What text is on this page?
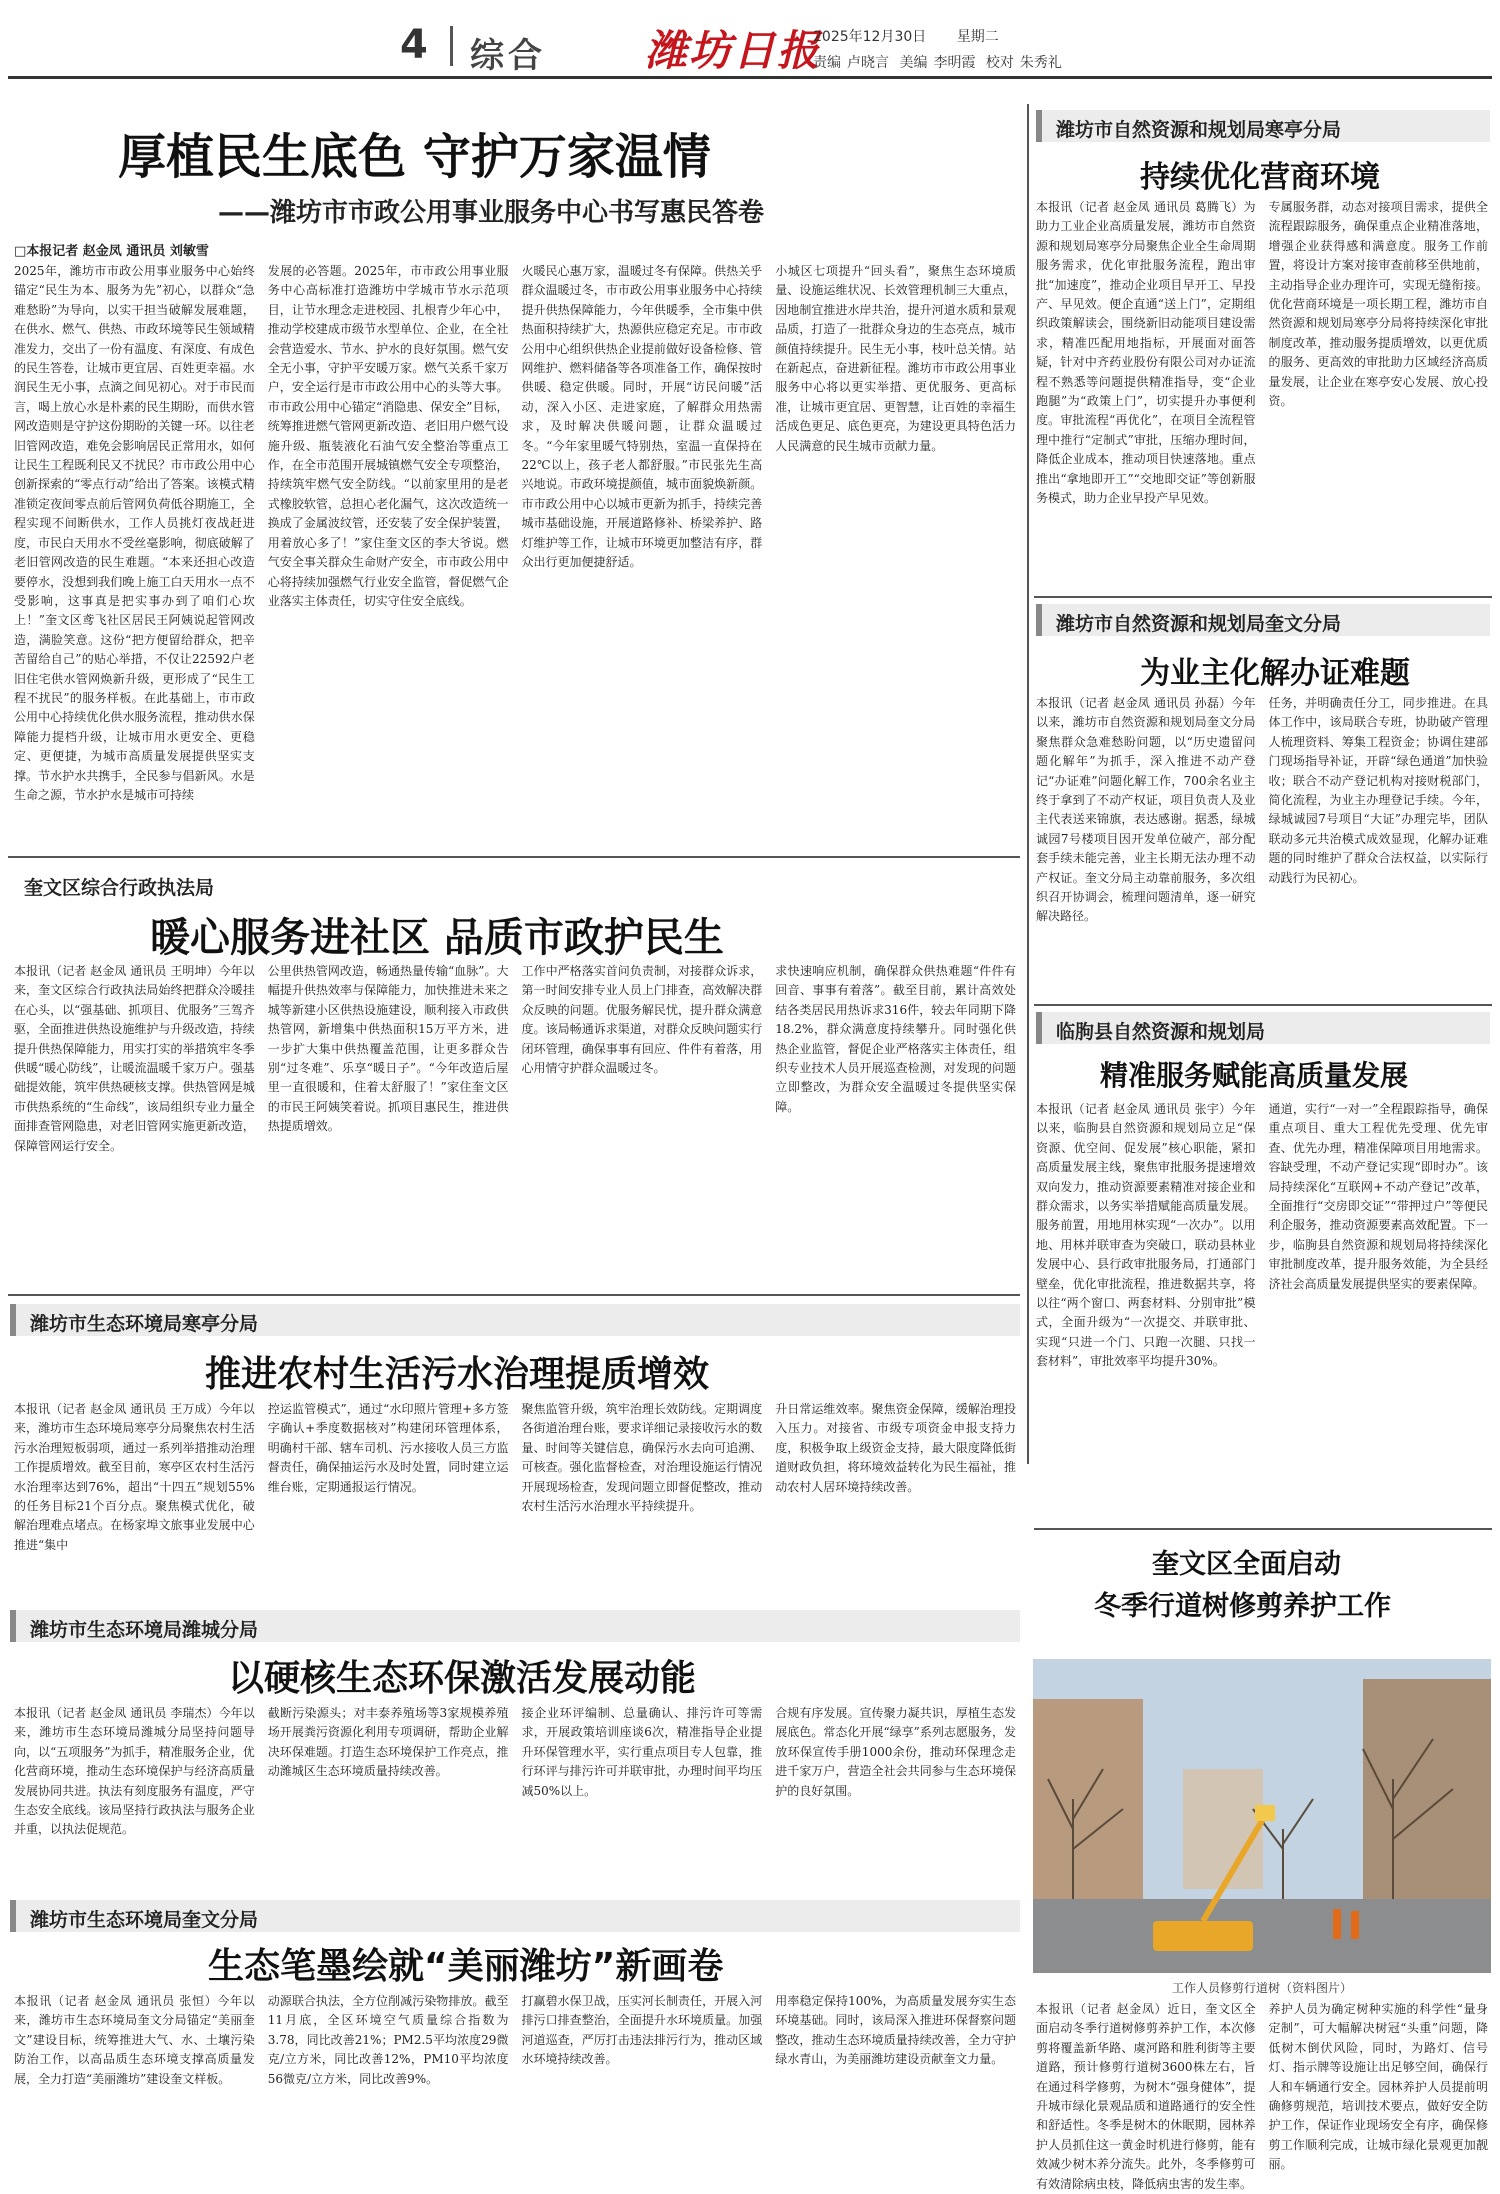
4 综合 潍坊日报
2025年12月30日 星期二
责编 卢晓言 美编 李明霞 校对 朱秀礼
厚植民生底色 守护万家温情
——潍坊市市政公用事业服务中心书写惠民答卷
□本报记者 赵金凤 通讯员 刘敏雪
2025年，潍坊市市政公用事业服务中心始终锚定“民生为本、服务为先”初心，以群众“急难愁盼”为导向，以实干担当破解发展难题，在供水、燃气、供热、市政环境等民生领域精准发力，交出了一份有温度、有深度、有成色的民生答卷，让城市更宜居、百姓更幸福。水润民生无小事，点滴之间见初心。对于市民而言，喝上放心水是朴素的民生期盼，而供水管网改造则是守护这份期盼的关键一环。以往老旧管网改造，难免会影响居民正常用水，如何让民生工程既利民又不扰民？市市政公用中心创新探索的“零点行动”给出了答案。该模式精准锁定夜间零点前后管网负荷低谷期施工，全程实现不间断供水，工作人员挑灯夜战赶进度，市民白天用水不受丝毫影响，彻底破解了老旧管网改造的民生难题。“本来还担心改造要停水，没想到我们晚上施工白天用水一点不受影响，这事真是把实事办到了咱们心坎上！”奎文区鸢飞社区居民王阿姨说起管网改造，满脸笑意。这份“把方便留给群众，把辛苦留给自己”的贴心举措，不仅让22592户老旧住宅供水管网焕新升级，更形成了“民生工程不扰民”的服务样板。在此基础上，市市政公用中心持续优化供水服务流程，推动供水保障能力提档升级，让城市用水更安全、更稳定、更便捷，为城市高质量发展提供坚实支撑。节水护水共携手，全民参与倡新风。水是生命之源，节水护水是城市可持续
发展的必答题。2025年，市市政公用事业服务中心高标准打造潍坊中学城市节水示范项目，让节水理念走进校园、扎根青少年心中，推动学校建成市级节水型单位、企业，在全社会营造爱水、节水、护水的良好氛围。燃气安全无小事，守护平安暖万家。燃气关系千家万户，安全运行是市市政公用中心的头等大事。市市政公用中心锚定“消隐患、保安全”目标，统筹推进燃气管网更新改造、老旧用户燃气设施升级、瓶装液化石油气安全整治等重点工作，在全市范围开展城镇燃气安全专项整治，持续筑牢燃气安全防线。“以前家里用的是老式橡胶软管，总担心老化漏气，这次改造统一换成了金属波纹管，还安装了安全保护装置，用着放心多了！”家住奎文区的李大爷说。燃气安全事关群众生命财产安全，市市政公用中心将持续加强燃气行业安全监管，督促燃气企业落实主体责任，切实守住安全底线。
火暖民心惠万家，温暖过冬有保障。供热关乎群众温暖过冬，市市政公用事业服务中心持续提升供热保障能力，今年供暖季，全市集中供热面积持续扩大，热源供应稳定充足。市市政公用中心组织供热企业提前做好设备检修、管网维护、燃料储备等各项准备工作，确保按时供暖、稳定供暖。同时，开展“访民问暖”活动，深入小区、走进家庭，了解群众用热需求，及时解决供暖问题，让群众温暖过冬。“今年家里暖气特别热，室温一直保持在22℃以上，孩子老人都舒服。”市民张先生高兴地说。市政环境提颜值，城市面貌焕新颜。市市政公用中心以城市更新为抓手，持续完善城市基础设施，开展道路修补、桥梁养护、路灯维护等工作，让城市环境更加整洁有序，群众出行更加便捷舒适。
小城区七项提升“回头看”，聚焦生态环境质量、设施运维状况、长效管理机制三大重点，因地制宜推进水岸共治，提升河道水质和景观品质，打造了一批群众身边的生态亮点，城市颜值持续提升。民生无小事，枝叶总关情。站在新起点，奋进新征程。潍坊市市政公用事业服务中心将以更实举措、更优服务、更高标准，让城市更宜居、更智慧，让百姓的幸福生活成色更足、底色更亮，为建设更具特色活力人民满意的民生城市贡献力量。
奎文区综合行政执法局
暖心服务进社区 品质市政护民生
本报讯（记者 赵金凤 通讯员 王明坤）今年以来，奎文区综合行政执法局始终把群众冷暖挂在心头，以“强基础、抓项目、优服务”三驾齐驱，全面推进供热设施维护与升级改造，持续提升供热保障能力，用实打实的举措筑牢冬季供暖“暖心防线”，让暖流温暖千家万户。强基础提效能，筑牢供热硬核支撑。供热管网是城市供热系统的“生命线”，该局组织专业力量全面排查管网隐患，对老旧管网实施更新改造，保障管网运行安全。
公里供热管网改造，畅通热量传输“血脉”。大幅提升供热效率与保障能力，加快推进未来之城等新建小区供热设施建设，顺利接入市政供热管网，新增集中供热面积15万平方米，进一步扩大集中供热覆盖范围，让更多群众告别“过冬难”、乐享“暖日子”。“今年改造后屋里一直很暖和，住着太舒服了！”家住奎文区的市民王阿姨笑着说。抓项目惠民生，推进供热提质增效。
工作中严格落实首问负责制，对接群众诉求，第一时间安排专业人员上门排查，高效解决群众反映的问题。优服务解民忧，提升群众满意度。该局畅通诉求渠道，对群众反映问题实行闭环管理，确保事事有回应、件件有着落，用心用情守护群众温暖过冬。
求快速响应机制，确保群众供热难题“件件有回音、事事有着落”。截至目前，累计高效处结各类居民用热诉求316件，较去年同期下降18.2%，群众满意度持续攀升。同时强化供热企业监管，督促企业严格落实主体责任，组织专业技术人员开展巡查检测，对发现的问题立即整改，为群众安全温暖过冬提供坚实保障。
潍坊市生态环境局寒亭分局
推进农村生活污水治理提质增效
本报讯（记者 赵金凤 通讯员 王万成）今年以来，潍坊市生态环境局寒亭分局聚焦农村生活污水治理短板弱项，通过一系列举措推动治理工作提质增效。截至目前，寒亭区农村生活污水治理率达到76%，超出“十四五”规划55%的任务目标21个百分点。聚焦模式优化，破解治理难点堵点。在杨家埠文旅事业发展中心推进“集中
控运监管模式”，通过“水印照片管理+多方签字确认+季度数据核对”构建闭环管理体系，明确村干部、辖车司机、污水接收人员三方监督责任，确保抽运污水及时处置，同时建立运维台账，定期通报运行情况。
聚焦监管升级，筑牢治理长效防线。定期调度各街道治理台账，要求详细记录接收污水的数量、时间等关键信息，确保污水去向可追溯、可核查。强化监督检查，对治理设施运行情况开展现场检查，发现问题立即督促整改，推动农村生活污水治理水平持续提升。
升日常运维效率。聚焦资金保障，缓解治理投入压力。对接省、市级专项资金申报支持力度，积极争取上级资金支持，最大限度降低街道财政负担，将环境效益转化为民生福祉，推动农村人居环境持续改善。
潍坊市生态环境局潍城分局
以硬核生态环保激活发展动能
本报讯（记者 赵金凤 通讯员 李瑞杰）今年以来，潍坊市生态环境局潍城分局坚持问题导向，以“五项服务”为抓手，精准服务企业，优化营商环境，推动生态环境保护与经济高质量发展协同共进。执法有刻度服务有温度，严守生态安全底线。该局坚持行政执法与服务企业并重，以执法促规范。
截断污染源头；对丰泰养殖场等3家规模养殖场开展粪污资源化利用专项调研，帮助企业解决环保难题。打造生态环境保护工作亮点，推动潍城区生态环境质量持续改善。
接企业环评编制、总量确认、排污许可等需求，开展政策培训座谈6次，精准指导企业提升环保管理水平，实行重点项目专人包靠，推行环评与排污许可并联审批，办理时间平均压减50%以上。
合规有序发展。宣传聚力凝共识，厚植生态发展底色。常态化开展“绿享”系列志愿服务，发放环保宣传手册1000余份，推动环保理念走进千家万户，营造全社会共同参与生态环境保护的良好氛围。
潍坊市生态环境局奎文分局
生态笔墨绘就“美丽潍坊”新画卷
本报讯（记者 赵金凤 通讯员 张恒）今年以来，潍坊市生态环境局奎文分局锚定“美丽奎文”建设目标，统筹推进大气、水、土壤污染防治工作，以高品质生态环境支撑高质量发展，全力打造“美丽潍坊”建设奎文样板。
动源联合执法，全方位削减污染物排放。截至11月底，全区环境空气质量综合指数为3.78，同比改善21%；PM2.5平均浓度29微克/立方米，同比改善12%，PM10平均浓度56微克/立方米，同比改善9%。
打赢碧水保卫战，压实河长制责任，开展入河排污口排查整治，全面提升水环境质量。加强河道巡查，严厉打击违法排污行为，推动区域水环境持续改善。
用率稳定保持100%，为高质量发展夯实生态环境基础。同时，该局深入推进环保督察问题整改，推动生态环境质量持续改善，全力守护绿水青山，为美丽潍坊建设贡献奎文力量。
潍坊市自然资源和规划局寒亭分局
持续优化营商环境
本报讯（记者 赵金凤 通讯员 葛腾飞）为助力工业企业高质量发展，潍坊市自然资源和规划局寒亭分局聚焦企业全生命周期服务需求，优化审批服务流程，跑出审批“加速度”，推动企业项目早开工、早投产、早见效。便企直通“送上门”，定期组织政策解读会，围绕新旧动能项目建设需求，精准匹配用地指标，开展面对面答疑，针对中齐药业股份有限公司对办证流程不熟悉等问题提供精准指导，变“企业跑腿”为“政策上门”，切实提升办事便利度。审批流程“再优化”，在项目全流程管理中推行“定制式”审批，压缩办理时间，降低企业成本，推动项目快速落地。重点推出“拿地即开工”“交地即交证”等创新服务模式，助力企业早投产早见效。
专属服务群，动态对接项目需求，提供全流程跟踪服务，确保重点企业精准落地，增强企业获得感和满意度。服务工作前置，将设计方案对接审查前移至供地前，主动指导企业办理许可，实现无缝衔接。优化营商环境是一项长期工程，潍坊市自然资源和规划局寒亭分局将持续深化审批制度改革，推动服务提质增效，以更优质的服务、更高效的审批助力区域经济高质量发展，让企业在寒亭安心发展、放心投资。
潍坊市自然资源和规划局奎文分局
为业主化解办证难题
本报讯（记者 赵金凤 通讯员 孙磊）今年以来，潍坊市自然资源和规划局奎文分局聚焦群众急难愁盼问题，以“历史遗留问题化解年”为抓手，深入推进不动产登记“办证难”问题化解工作，700余名业主终于拿到了不动产权证，项目负责人及业主代表送来锦旗，表达感谢。据悉，绿城诚园7号楼项目因开发单位破产，部分配套手续未能完善，业主长期无法办理不动产权证。奎文分局主动靠前服务，多次组织召开协调会，梳理问题清单，逐一研究解决路径。
任务，并明确责任分工，同步推进。在具体工作中，该局联合专班，协助破产管理人梳理资料、筹集工程资金；协调住建部门现场指导补证，开辟“绿色通道”加快验收；联合不动产登记机构对接财税部门，简化流程，为业主办理登记手续。今年，绿城诚园7号项目“大证”办理完毕，团队联动多元共治模式成效显现，化解办证难题的同时维护了群众合法权益，以实际行动践行为民初心。
临朐县自然资源和规划局
精准服务赋能高质量发展
本报讯（记者 赵金凤 通讯员 张宇）今年以来，临朐县自然资源和规划局立足“保资源、优空间、促发展”核心职能，紧扣高质量发展主线，聚焦审批服务提速增效双向发力，推动资源要素精准对接企业和群众需求，以务实举措赋能高质量发展。服务前置，用地用林实现“一次办”。以用地、用林并联审查为突破口，联动县林业发展中心、县行政审批服务局，打通部门壁垒，优化审批流程，推进数据共享，将以往“两个窗口、两套材料、分别审批”模式，全面升级为“一次提交、并联审批、实现“只进一个门、只跑一次腿、只找一套材料”，审批效率平均提升30%。
通道，实行“一对一”全程跟踪指导，确保重点项目、重大工程优先受理、优先审查、优先办理，精准保障项目用地需求。容缺受理，不动产登记实现“即时办”。该局持续深化“互联网+不动产登记”改革，全面推行“交房即交证”“带押过户”等便民利企服务，推动资源要素高效配置。下一步，临朐县自然资源和规划局将持续深化审批制度改革，提升服务效能，为全县经济社会高质量发展提供坚实的要素保障。
奎文区全面启动
冬季行道树修剪养护工作
工作人员修剪行道树（资料图片）
本报讯（记者 赵金凤）近日，奎文区全面启动冬季行道树修剪养护工作，本次修剪将覆盖新华路、虞河路和胜利街等主要道路，预计修剪行道树3600株左右，旨在通过科学修剪，为树木“强身健体”，提升城市绿化景观品质和道路通行的安全性和舒适性。冬季是树木的休眠期，园林养护人员抓住这一黄金时机进行修剪，能有效减少树木养分流失。此外，冬季修剪可有效清除病虫枝，降低病虫害的发生率。
养护人员为确定树种实施的科学性“量身定制”，可大幅解决树冠“头重”问题，降低树木倒伏风险，同时，为路灯、信号灯、指示牌等设施让出足够空间，确保行人和车辆通行安全。园林养护人员提前明确修剪规范，培训技术要点，做好安全防护工作，保证作业现场安全有序，确保修剪工作顺利完成，让城市绿化景观更加靓丽。
